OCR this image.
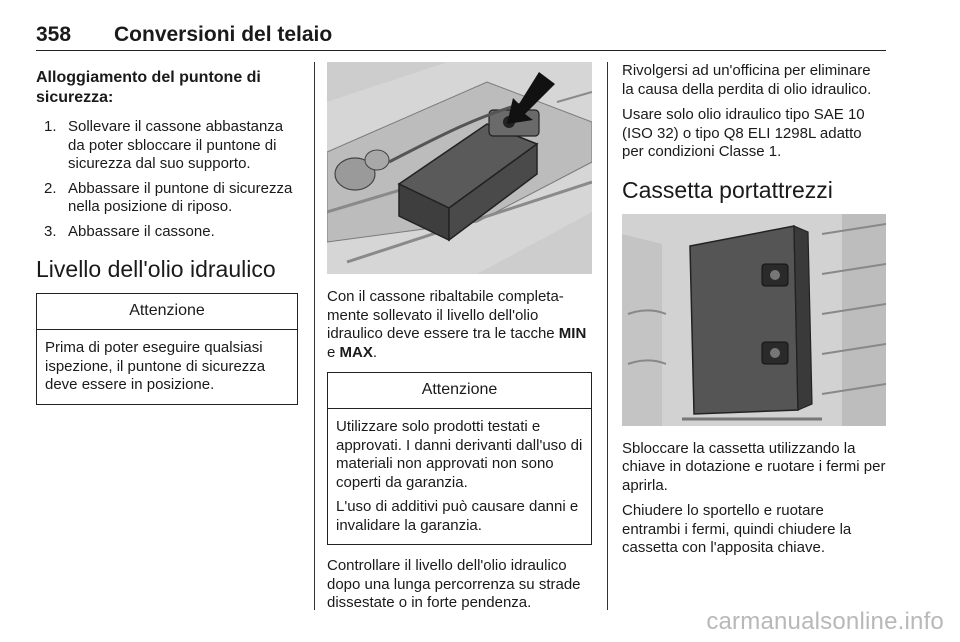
358 Conversioni del telaio
Alloggiamento del puntone di sicurezza:
1. Sollevare il cassone abbastanza da poter sbloccare il puntone di sicurezza dal suo supporto.
2. Abbassare il puntone di sicurezza nella posizione di riposo.
3. Abbassare il cassone.
Livello dell'olio idraulico
Attenzione

Prima di poter eseguire qualsiasi ispezione, il puntone di sicurezza deve essere in posizione.

Con il cassone ribaltabile completa- mente sollevato il livello dell'olio idraulico deve essere tra le tacche MIN e MAX.

Attenzione

Utilizzare solo prodotti testati e approvati. I danni derivanti dall'uso di materiali non approvati non sono coperti da garanzia.

L'uso di additivi può causare danni e invalidare la garanzia.

Controllare il livello dell'olio idraulico dopo una lunga percorrenza su strade dissestate o in forte pendenza.

Rivolgersi ad un'officina per eliminare la causa della perdita di olio idraulico.

Usare solo olio idraulico tipo SAE 10 (ISO 32) o tipo Q8 ELI 1298L adatto per condizioni Classe 1.

Cassetta portattrezzi

Sbloccare la cassetta utilizzando la chiave in dotazione e ruotare i fermi per aprirla.

Chiudere lo sportello e ruotare entrambi i fermi, quindi chiudere la cassetta con l'apposita chiave.

carmanualsonline.info
